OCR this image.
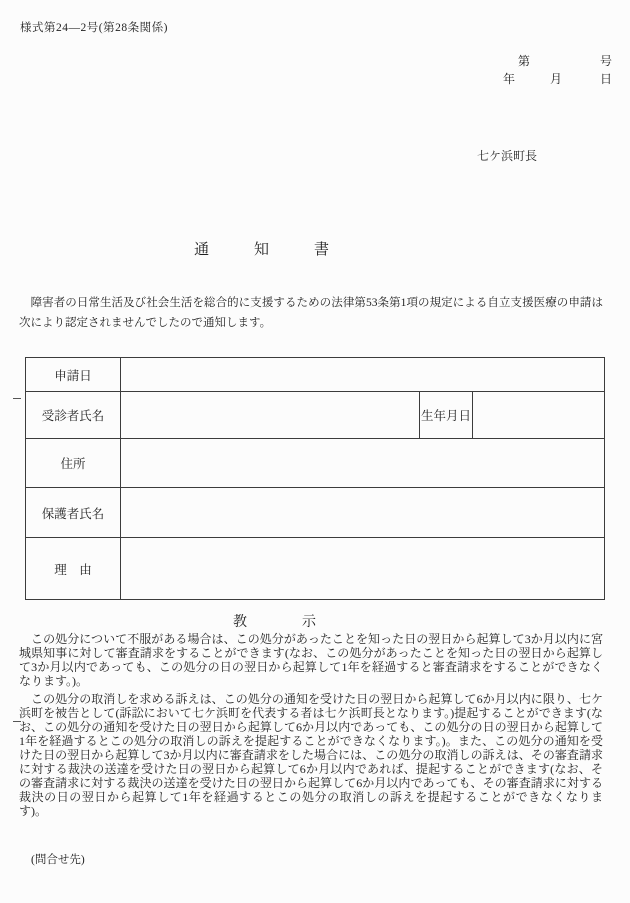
様式第24—2号(第28条関係)
第	号
年	月	日
七ケ浜町長
通　　知　　書

　障害者の日常生活及び社会生活を総合的に支援するための法律第53条第1項の規定による自立支援医療の申請は次により認定されませんでしたので通知します。

申請日			
受診者氏名		生年月日	
住所			
保護者氏名			
理　由			
教　　示

　この処分について不服がある場合は、この処分があったことを知った日の翌日から起算して3か月以内に宮城県知事に対して審査請求をすることができます(なお、この処分があったことを知った日の翌日から起算して3か月以内であっても、この処分の日の翌日から起算して1年を経過すると審査請求をすることができなくなります。)。

　この処分の取消しを求める訴えは、この処分の通知を受けた日の翌日から起算して6か月以内に限り、七ケ浜町を被告として(訴訟において七ケ浜町を代表する者は七ケ浜町長となります。)提起することができます(なお、この処分の通知を受けた日の翌日から起算して6か月以内であっても、この処分の日の翌日から起算して1年を経過するとこの処分の取消しの訴えを提起することができなくなります。)。また、この処分の通知を受けた日の翌日から起算して3か月以内に審査請求をした場合には、この処分の取消しの訴えは、その審査請求に対する裁決の送達を受けた日の翌日から起算して6か月以内であれば、提起することができます(なお、その審査請求に対する裁決の送達を受けた日の翌日から起算して6か月以内であっても、その審査請求に対する裁決の日の翌日から起算して1年を経過するとこの処分の取消しの訴えを提起することができなくなります)。

(問合せ先)
